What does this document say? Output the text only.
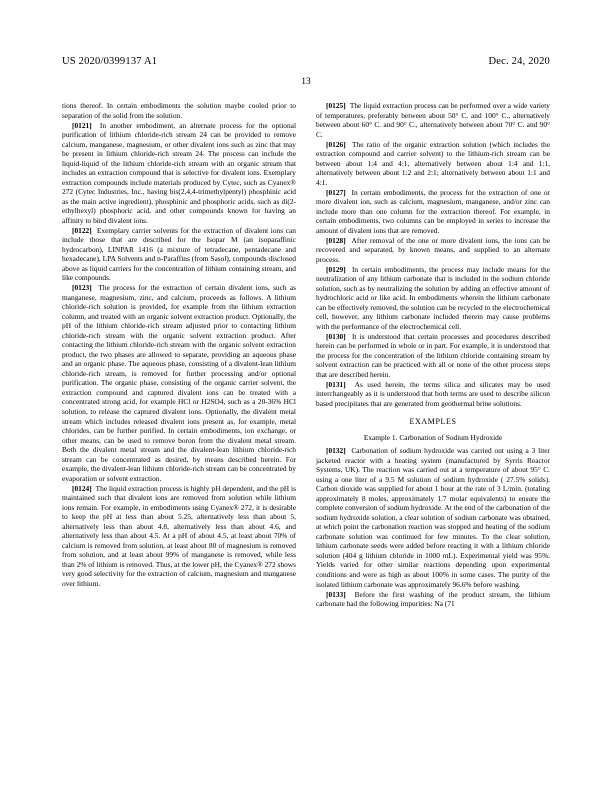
US 2020/0399137 A1	Dec. 24, 2020
13

tions thereof. In certain embodiments the solution maybe cooled prior to separation of the solid from the solution.

[0121] In another embodiment, an alternate process for the optional purification of lithium chloride-rich stream 24 can be provided to remove calcium, manganese, magnesium, or other divalent ions such as zinc that may be present in lithium chloride-rich stream 24. The process can include the liquid-liquid of the lithium chloride-rich stream with an organic stream that includes an extraction compound that is selective for divalent ions. Exemplary extraction compounds include materials produced by Cytec, such as Cyanex® 272 (Cytec Industries, Inc., having bis(2,4,4-trimethylpentyl) phosphinic acid as the main active ingredient), phosphinic and phosphoric acids, such as di(2-ethylhexyl) phosphoric acid, and other compounds known for having an affinity to bind divalent ions.

[0122] Exemplary carrier solvents for the extraction of divalent ions can include those that are described for the Isopar M (an isoparaffinic hydrocarbon), LINPAR 1416 (a mixture of tetradecane, pentadecane and hexadecane), LPA Solvents and n-Paraffins (from Sasol), compounds disclosed above as liquid carriers for the concentration of lithium containing stream, and like compounds.

[0123] The process for the extraction of certain divalent ions, such as manganese, magnesium, zinc, and calcium, proceeds as follows. A lithium chloride-rich solution is provided, for example from the lithium extraction column, and treated with an organic solvent extraction product. Optionally, the pH of the lithium chloride-rich stream adjusted prior to contacting lithium chloride-rich stream with the organic solvent extraction product. After contacting the lithium chloride-rich stream with the organic solvent extraction product, the two phases are allowed to separate, providing an aqueous phase and an organic phase. The aqueous phase, consisting of a divalent-lean lithium chloride-rich stream, is removed for further processing and/or optional purification. The organic phase, consisting of the organic carrier solvent, the extraction compound and captured divalent ions can be treated with a concentrated strong acid, for example HCl or H2SO4, such as a 20-36% HCl solution, to release the captured divalent ions. Optionally, the divalent metal stream which includes released divalent ions present as, for example, metal chlorides, can be further purified. In certain embodiments, ion exchange, or other means, can be used to remove boron from the divalent metal stream. Both the divalent metal stream and the divalent-lean lithium chloride-rich stream can be concentrated as desired, by means described herein. For example, the divalent-lean lithium chloride-rich stream can be concentrated by evaporation or solvent extraction.

[0124] The liquid extraction process is highly pH dependent, and the pH is maintained such that divalent ions are removed from solution while lithium ions remain. For example, in embodiments using Cyanex® 272, it is desirable to keep the pH at less than about 5.25, alternatively less than about 5, alternatively less than about 4.8, alternatively less than about 4.6, and alternatively less than about 4.5. At a pH of about 4.5, at least about 70% of calcium is removed from solution, at least about 80 of magnesium is removed from solution, and at least about 99% of manganese is removed, while less than 2% of lithium is removed. Thus, at the lower pH, the Cyanex® 272 shows very good selectivity for the extraction of calcium, magnesium and manganese over lithium.

[0125] The liquid extraction process can be performed over a wide variety of temperatures, preferably between about 50° C. and 100° C., alternatively between about 60° C. and 90° C., alternatively between about 70° C. and 90° C.

[0126] The ratio of the organic extraction solution (which includes the extraction compound and carrier solvent) to the lithium-rich stream can be between about 1:4 and 4:1, alternatively between about 1:4 and 1:1, alternatively between about 1:2 and 2:1; alternatively between about 1:1 and 4:1.

[0127] In certain embodiments, the process for the extraction of one or more divalent ion, such as calcium, magnesium, manganese, and/or zinc can include more than one column for the extraction thereof. For example, in certain embodiments, two columns can be employed in series to increase the amount of divalent ions that are removed.

[0128] After removal of the one or more divalent ions, the ions can be recovered and separated, by known means, and supplied to an alternate process.

[0129] In certain embodiments, the process may include means for the neutralization of any lithium carbonate that is included in the sodium chloride solution, such as by neutralizing the solution by adding an effective amount of hydrochloric acid or like acid. In embodiments wherein the lithium carbonate can be effectively removed, the solution can be recycled to the electrochemical cell, however, any lithium carbonate included therein may cause problems with the performance of the electrochemical cell.

[0130] It is understood that certain processes and procedures described herein can be performed in whole or in part. For example, it is understood that the process for the concentration of the lithium chloride containing stream by solvent extraction can be practiced with all or none of the other process steps that are described herein.

[0131] As used herein, the terms silica and silicates may be used interchangeably as it is understood that both terms are used to describe silicon based precipitates that are generated from geothermal brine solutions.

EXAMPLES
Example 1. Carbonation of Sodium Hydroxide

[0132] Carbonation of sodium hydroxide was carried out using a 3 liter jacketed reactor with a heating system (manufactured by Syrris Reactor Systems, UK). The reaction was carried out at a temperature of about 95° C. using a one liter of a 9.5 M solution of sodium hydroxide ( 27.5% solids). Carbon dioxide was supplied for about 1 hour at the rate of 3 L/min. (totaling approximately 8 moles, approximately 1.7 molar equivalents) to ensure the complete conversion of sodium hydroxide. At the end of the carbonation of the sodium hydroxide solution, a clear solution of sodium carbonate was obtained, at which point the carbonation reaction was stopped and heating of the sodium carbonate solution was continued for few minutes. To the clear solution, lithium carbonate seeds were added before reacting it with a lithium chloride solution (404 g lithium chloride in 1000 mL). Experimental yield was 95%. Yields varied for other similar reactions depending upon experimental conditions and were as high as about 100% in some cases. The purity of the isolated lithium carbonate was approximately 96.6% before washing.

[0133] Before the first washing of the product stream, the lithium carbonate had the following impurities: Na (71
